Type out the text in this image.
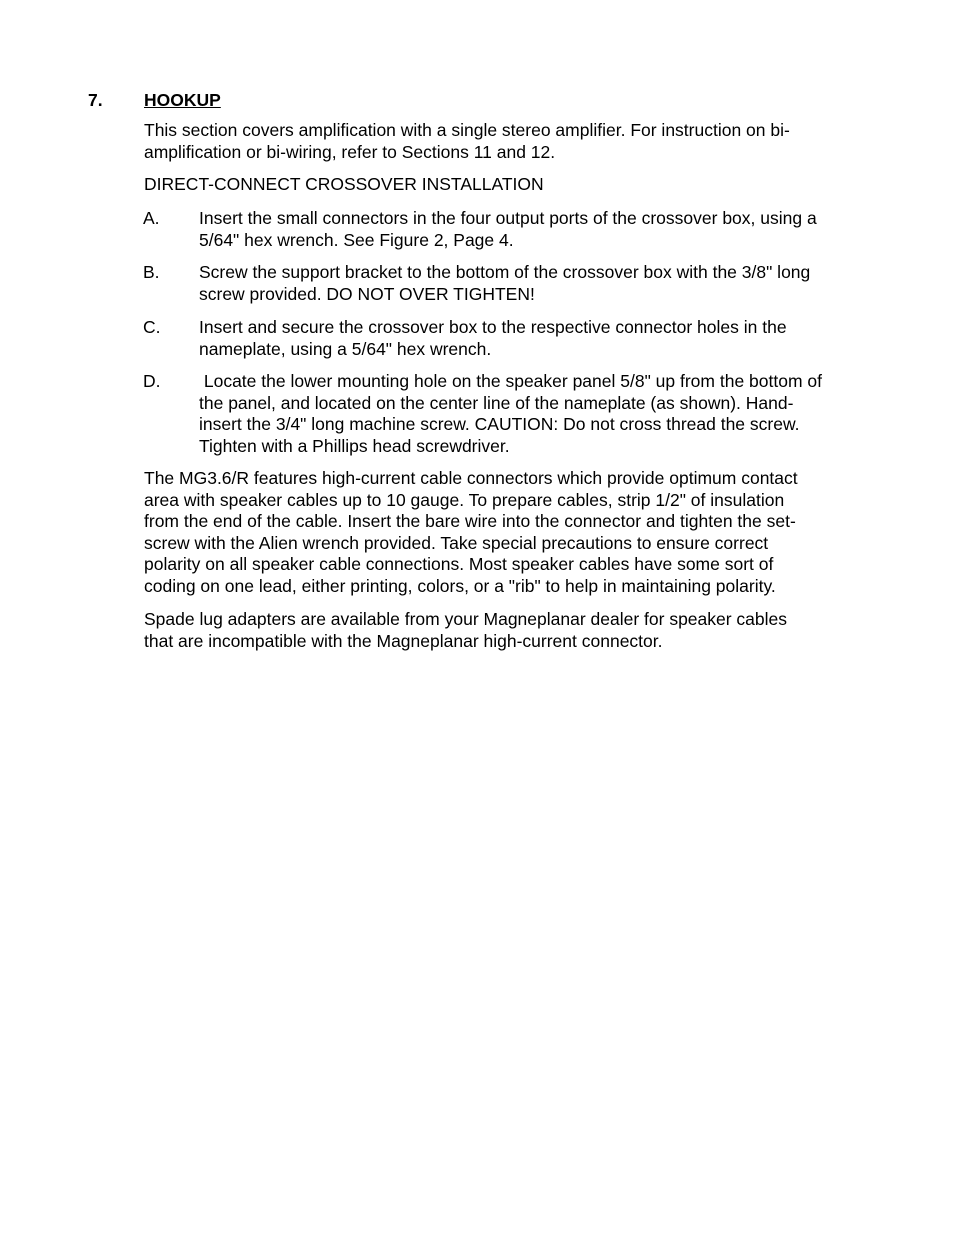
7. HOOKUP

This section covers amplification with a single stereo amplifier. For instruction on bi-
amplification or bi-wiring, refer to Sections 11 and 12.

DIRECT-CONNECT CROSSOVER INSTALLATION

A. Insert the small connectors in the four output ports of the crossover box, using a
5/64" hex wrench. See Figure 2, Page 4.

B. Screw the support bracket to the bottom of the crossover box with the 3/8" long
screw provided. DO NOT OVER TIGHTEN!

C. Insert and secure the crossover box to the respective connector holes in the
nameplate, using a 5/64" hex wrench.

D. Locate the lower mounting hole on the speaker panel 5/8" up from the bottom of
the panel, and located on the center line of the nameplate (as shown). Hand-
insert the 3/4" long machine screw. CAUTION: Do not cross thread the screw.
Tighten with a Phillips head screwdriver.

The MG3.6/R features high-current cable connectors which provide optimum contact
area with speaker cables up to 10 gauge. To prepare cables, strip 1/2" of insulation
from the end of the cable. Insert the bare wire into the connector and tighten the set-
screw with the Alien wrench provided. Take special precautions to ensure correct
polarity on all speaker cable connections. Most speaker cables have some sort of
coding on one lead, either printing, colors, or a "rib" to help in maintaining polarity.

Spade lug adapters are available from your Magneplanar dealer for speaker cables
that are incompatible with the Magneplanar high-current connector.
